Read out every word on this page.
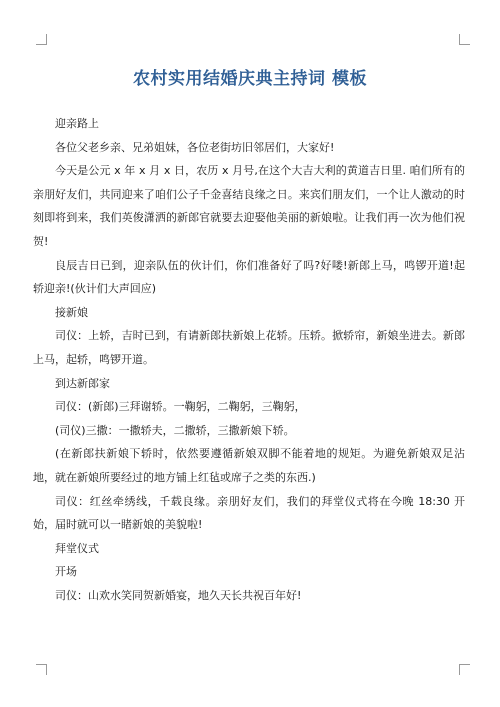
农村实用结婚庆典主持词 模板

迎亲路上

各位父老乡亲、兄弟姐妹，各位老街坊旧邻居们，大家好!

今天是公元 x 年 x 月 x 日，农历 x 月号,在这个大吉大利的黄道吉日里. 咱们所有的亲朋好友们，共同迎来了咱们公子千金喜结良缘之日。来宾们朋友们，一个让人激动的时刻即将到来，我们英俊潇洒的新郎官就要去迎娶他美丽的新娘啦。让我们再一次为他们祝贺!

良辰吉日已到，迎亲队伍的伙计们，你们准备好了吗?好喽!新郎上马，鸣锣开道!起轿迎亲!(伙计们大声回应)

接新娘

司仪：上轿，吉时已到，有请新郎扶新娘上花轿。压轿。掀轿帘，新娘坐进去。新郎上马，起轿，鸣锣开道。

到达新郎家

司仪：(新郎)三拜谢轿。一鞠躬，二鞠躬，三鞠躬，

(司仪)三撒：一撒轿夫，二撒轿，三撒新娘下轿。

(在新郎扶新娘下轿时，依然要遵循新娘双脚不能着地的规矩。为避免新娘双足沾地，就在新娘所要经过的地方铺上红毡或席子之类的东西.)

司仪：红丝牵绣线，千载良缘。亲朋好友们，我们的拜堂仪式将在今晚 18:30 开始，届时就可以一睹新娘的美貌啦!

拜堂仪式

开场

司仪：山欢水笑同贺新婚宴，地久天长共祝百年好!
